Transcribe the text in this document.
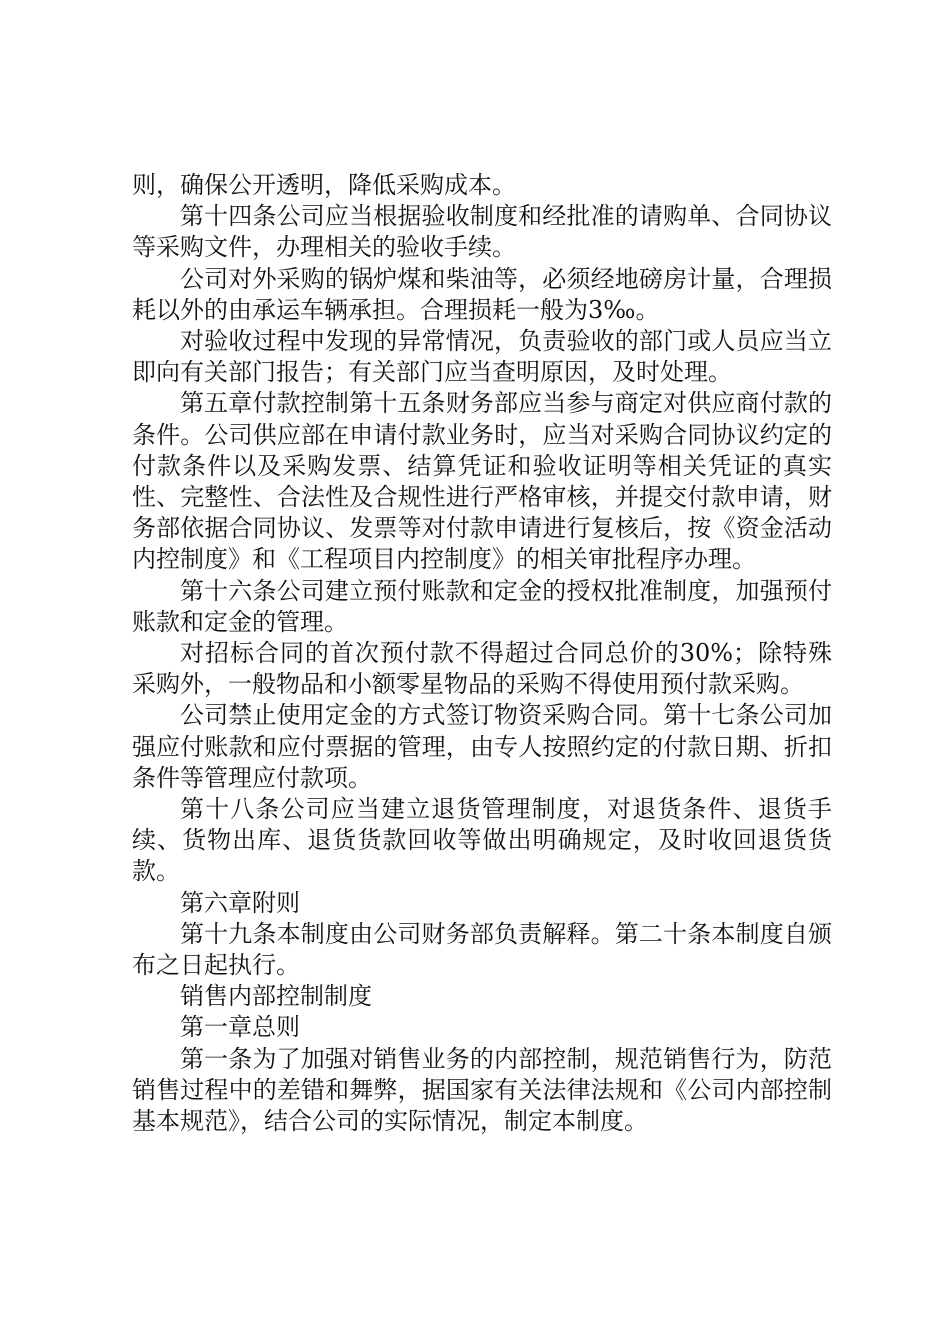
则，确保公开透明，降低采购成本。

第十四条公司应当根据验收制度和经批准的请购单、合同协议等采购文件，办理相关的验收手续。

公司对外采购的锅炉煤和柴油等，必须经地磅房计量，合理损耗以外的由承运车辆承担。合理损耗一般为3‰。

对验收过程中发现的异常情况，负责验收的部门或人员应当立即向有关部门报告；有关部门应当查明原因，及时处理。

第五章付款控制第十五条财务部应当参与商定对供应商付款的条件。公司供应部在申请付款业务时，应当对采购合同协议约定的付款条件以及采购发票、结算凭证和验收证明等相关凭证的真实性、完整性、合法性及合规性进行严格审核，并提交付款申请，财务部依据合同协议、发票等对付款申请进行复核后，按《资金活动内控制度》和《工程项目内控制度》的相关审批程序办理。

第十六条公司建立预付账款和定金的授权批准制度，加强预付账款和定金的管理。

对招标合同的首次预付款不得超过合同总价的30%；除特殊采购外，一般物品和小额零星物品的采购不得使用预付款采购。

公司禁止使用定金的方式签订物资采购合同。第十七条公司加强应付账款和应付票据的管理，由专人按照约定的付款日期、折扣条件等管理应付款项。

第十八条公司应当建立退货管理制度，对退货条件、退货手续、货物出库、退货货款回收等做出明确规定，及时收回退货货款。

第六章附则

第十九条本制度由公司财务部负责解释。第二十条本制度自颁布之日起执行。

销售内部控制制度

第一章总则

第一条为了加强对销售业务的内部控制，规范销售行为，防范销售过程中的差错和舞弊，据国家有关法律法规和《公司内部控制基本规范》，结合公司的实际情况，制定本制度。
